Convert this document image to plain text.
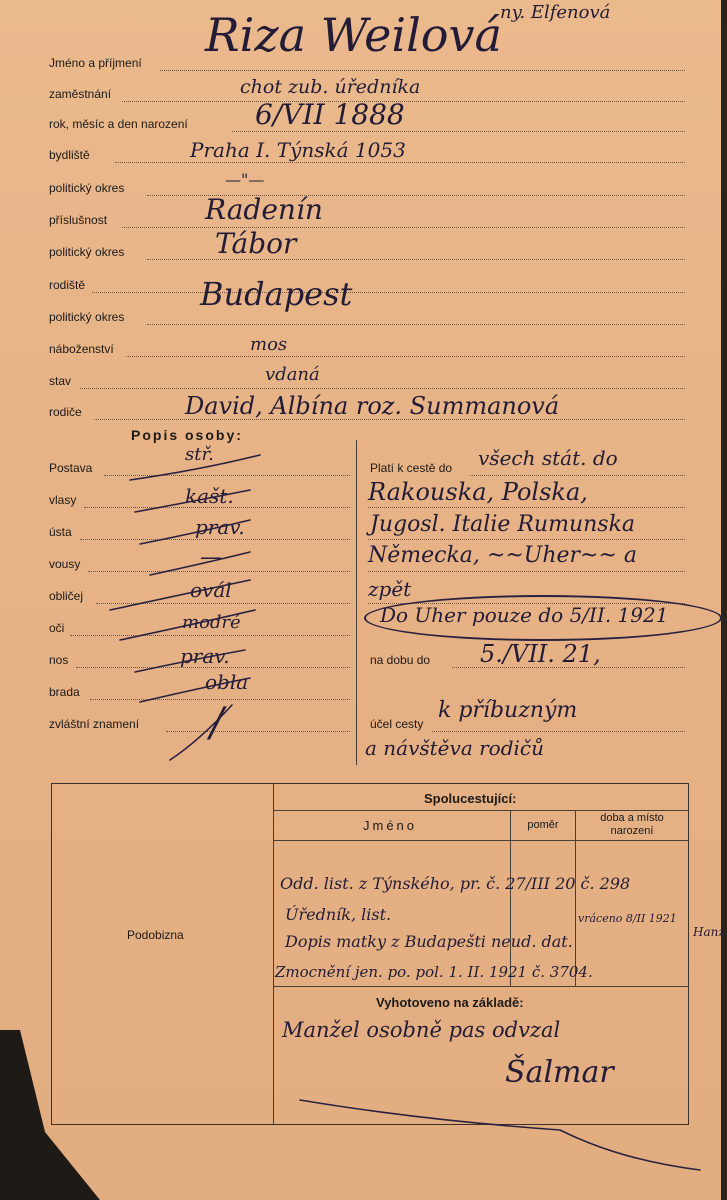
Jméno a příjmení
zaměstnání
rok, měsíc a den narození
bydliště
politický okres
příslušnost
politický okres
rodiště
politický okres
náboženství
stav
rodiče
Riza Weilová
ny. Elfenová
chot zub. úředníka
6/VII 1888
Praha I. Týnská 1053
—"—
Radenín
Tábor
Budapest
mos
vdaná
David, Albína roz. Summanová
Popis osoby:
Postava
vlasy
ústa
vousy
obličej
oči
nos
brada
zvláštní znamení
stř.
kašt.
prav.
—
ovál
modré
prav.
obla
/
Platí k cestě do všech stát. do
Rakouska, Polska,
Jugosl. Italie Rumunska
Německa, ~~Uher~~ a
zpět
Do Uher pouze do 5/II. 1921
na dobu do 5./VII. 21,
účel cesty
k příbuzným
a návštěva rodičů
Spolucestující:
Jméno	poměr
doba a místo
narození
Podobizna
Odd. list. z Týnského, pr. č. 27/III 20 č. 298
Úředník, list.	vráceno 8/II 1921
Hanz
Dopis matky z Budapešti neud. dat.
Zmocnění jen. po. pol. 1. II. 1921 č. 3704.
Vyhotoveno na základě:
Manžel osobně pas odvzal
Šalmar
